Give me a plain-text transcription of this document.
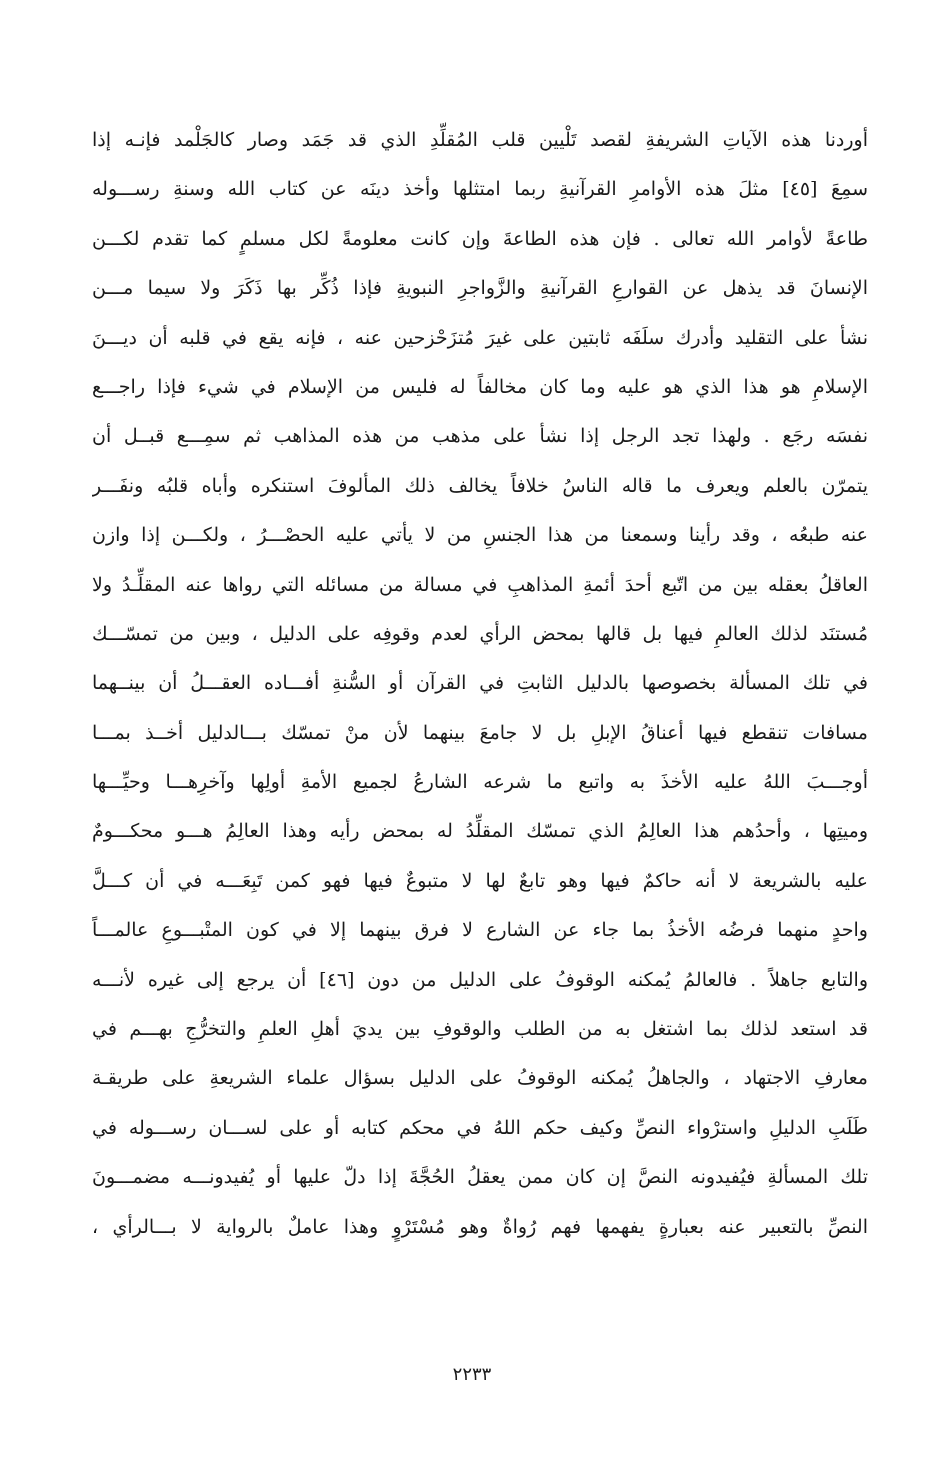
أوردنا هذه الآياتِ الشريفةِ لقصد تَلْيين قلب المُقلِّدِ الذي قد جَمَد وصار كالجَلْمد فإنـه إذا
سمِعَ [٤٥] مثلَ هذه الأوامرِ القرآنيةِ ربما امتثلها وأخذ دينَه عن كتاب الله وسنةِ رســـوله
طاعةً لأوامر الله تعالى . فإن هذه الطاعةَ وإن كانت معلومةً لكل مسلمٍ كما تقدم لكـــن
الإنسانَ قد يذهل عن القوارعِ القرآنيةِ والزَّواجرِ النبويةِ فإذا ذُكِّر بها ذَكَرَ ولا سيما مـــن
نشأ على التقليد وأدرك سلَفَه ثابتين على غيرَ مُتزَحْزحين عنه ، فإنه يقع في قلبه أن ديـــنَ
الإسلامِ هو هذا الذي هو عليه وما كان مخالفاً له فليس من الإسلام في شيء فإذا راجـــع
نفسَه رجَع . ولهذا تجد الرجل إذا نشأ على مذهب من هذه المذاهب ثم سمِـــع قبــل أن
يتمرّن بالعلم ويعرف ما قاله الناسُ خلافاً يخالف ذلك المألوفَ استنكره وأباه قلبُه ونفَـــر
عنه طبعُه ، وقد رأينا وسمعنا من هذا الجنسِ من لا يأتي عليه الحصْـــرُ ، ولكـــن إذا وازن
العاقلُ بعقله بين من اتّبع أحدَ أئمةِ المذاهبِ في مسالة من مسائله التي رواها عنه المقلِّـدُ ولا
مُستنَد لذلك العالمِ فيها بل قالها بمحض الرأي لعدم وقوفِه على الدليل ، وبين من تمسّـــك
في تلك المسألة بخصوصها بالدليل الثابتِ في القرآن أو السُّنةِ أفـــاده العقـــلُ أن بينــهما
مسافات تنقطع فيها أعناقُ الإبلِ بل لا جامعَ بينهما لأن منْ تمسّك بـــالدليل أخــذ بمـــا
أوجـــبَ اللهُ عليه الأخذَ به واتبع ما شرعه الشارعُ لجميع الأمةِ أولِها وآخرِهـــا وحيِّـــها
وميتِها ، وأحدُهم هذا العالِمُ الذي تمسّك المقلِّدُ له بمحض رأيه وهذا العالِمُ هـــو محكـــومٌ
عليه بالشريعة لا أنه حاكمٌ فيها وهو تابعٌ لها لا متبوعٌ فيها فهو كمن تَبِعَـــه في أن كـــلَّ
واحدٍ منهما فرضُه الأخذُ بما جاء عن الشارع لا فرق بينهما إلا في كون المتْبـــوعِ عالمـــاً
والتابع جاهلاً . فالعالمُ يُمكنه الوقوفُ على الدليل من دون [٤٦] أن يرجع إلى غيره لأنـــه
قد استعد لذلك بما اشتغل به من الطلب والوقوفِ بين يديَ أهلِ العلمِ والتخرُّجِ بهـــم في
معارفِ الاجتهاد ، والجاهلُ يُمكنه الوقوفُ على الدليل بسؤال علماء الشريعةِ على طريقـة
طَلَبِ الدليلِ واسترْواء النصِّ وكيف حكم اللهُ في محكم كتابه أو على لســـان رســـوله في
تلك المسألةِ فيُفيدونه النصَّ إن كان ممن يعقلُ الحُجَّةَ إذا دلّ عليها أو يُفيدونـــه مضمـــونَ
النصِّ بالتعبير عنه بعبارةٍ يفهمها فهم رُواةٌ وهو مُسْتَرْوٍ وهذا عاملٌ بالرواية لا بـــالرأي ،
٢٢٣٣
